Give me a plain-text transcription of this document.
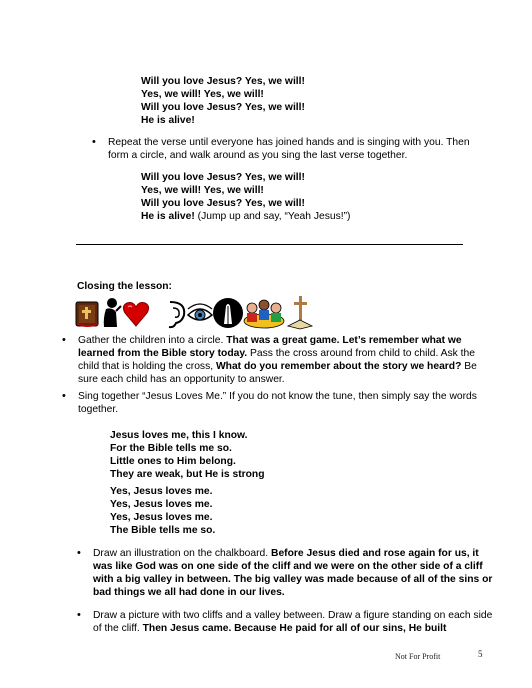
Will you love Jesus? Yes, we will!
Yes, we will! Yes, we will!
Will you love Jesus? Yes, we will!
He is alive!
• Repeat the verse until everyone has joined hands and is singing with you. Then form a circle, and walk around as you sing the last verse together.
Will you love Jesus? Yes, we will!
Yes, we will! Yes, we will!
Will you love Jesus? Yes, we will!
He is alive! (Jump up and say, “Yeah Jesus!”)
Closing the lesson:
• Gather the children into a circle. That was a great game. Let’s remember what we learned from the Bible story today. Pass the cross around from child to child. Ask the child that is holding the cross, What do you remember about the story we heard? Be sure each child has an opportunity to answer.
• Sing together “Jesus Loves Me.” If you do not know the tune, then simply say the words together.
Jesus loves me, this I know.
For the Bible tells me so.
Little ones to Him belong.
They are weak, but He is strong
Yes, Jesus loves me.
Yes, Jesus loves me.
Yes, Jesus loves me.
The Bible tells me so.
• Draw an illustration on the chalkboard. Before Jesus died and rose again for us, it was like God was on one side of the cliff and we were on the other side of a cliff with a big valley in between. The big valley was made because of all of the sins or bad things we all had done in our lives.
• Draw a picture with two cliffs and a valley between. Draw a figure standing on each side of the cliff. Then Jesus came. Because He paid for all of our sins, He built
Not For Profit	5
